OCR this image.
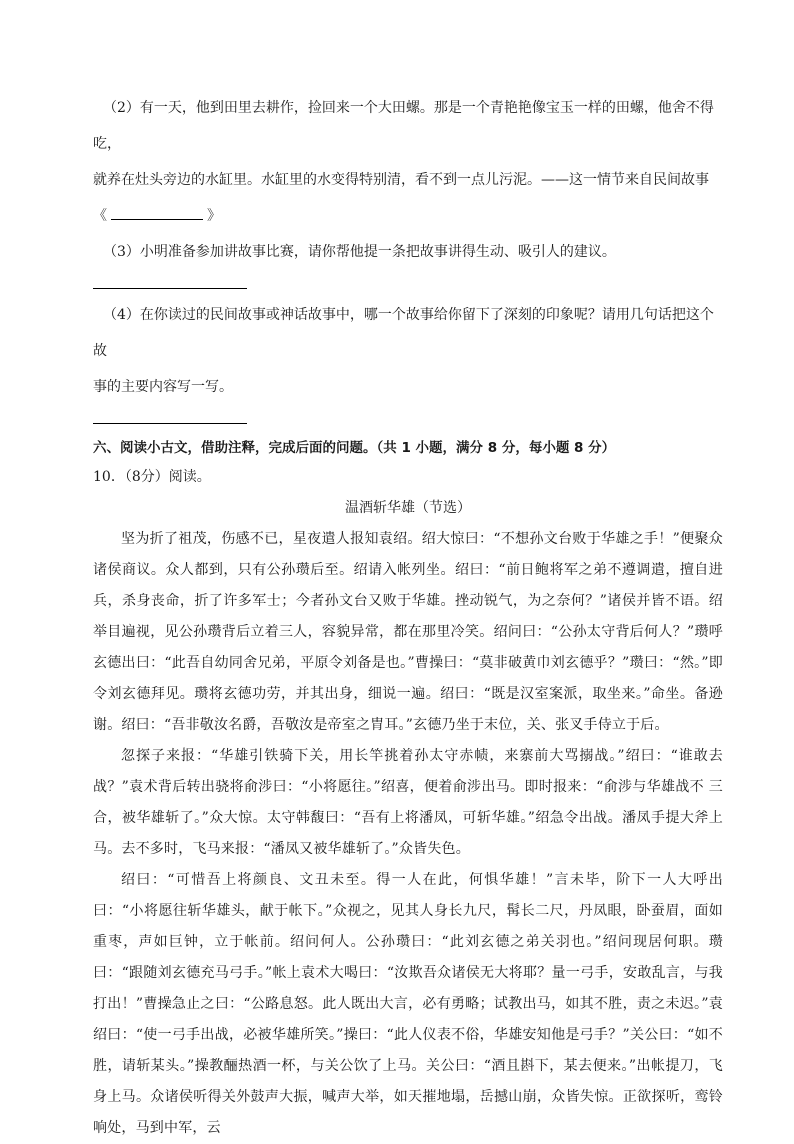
（2）有一天，他到田里去耕作，捡回来一个大田螺。那是一个青艳艳像宝玉一样的田螺，他舍不得吃，

就养在灶头旁边的水缸里。水缸里的水变得特别清，看不到一点儿污泥。——这一情节来自民间故事

《	》

（3）小明准备参加讲故事比赛，请你帮他提一条把故事讲得生动、吸引人的建议。

（4）在你读过的民间故事或神话故事中，哪一个故事给你留下了深刻的印象呢？请用几句话把这个故

事的主要内容写一写。

六、阅读小古文，借助注释，完成后面的问题。（共 1 小题，满分 8 分，每小题 8 分）

10．（8分）阅读。

温酒斩华雄（节选）

坚为折了祖茂，伤感不已，星夜遣人报知袁绍。绍大惊曰：“不想孙文台败于华雄之手！”便聚众诸侯商议。众人都到，只有公孙瓒后至。绍请入帐列坐。绍曰：“前日鲍将军之弟不遵调遣，擅自进兵，杀身丧命，折了许多军士；今者孙文台又败于华雄。挫动锐气，为之奈何？”诸侯并皆不语。绍举目遍视，见公孙瓒背后立着三人，容貌异常，都在那里冷笑。绍问曰：“公孙太守背后何人？”瓒呼玄德出曰：“此吾自幼同舍兄弟，平原令刘备是也。”曹操曰：“莫非破黄巾刘玄德乎？”瓒曰：“然。”即令刘玄德拜见。瓒将玄德功劳，并其出身，细说一遍。绍曰：“既是汉室案派，取坐来。”命坐。备逊谢。绍曰：“吾非敬汝名爵，吾敬汝是帝室之胄耳。”玄德乃坐于末位，关、张叉手侍立于后。

忽探子来报：“华雄引铁骑下关，用长竿挑着孙太守赤帻，来寨前大骂搦战。”绍曰：“谁敢去战？”袁术背后转出骁将俞涉曰：“小将愿往。”绍喜，便着俞涉出马。即时报来：“俞涉与华雄战不 三合，被华雄斩了。”众大惊。太守韩馥曰：“吾有上将潘凤，可斩华雄。”绍急令出战。潘凤手提大斧上马。去不多时，飞马来报：“潘凤又被华雄斩了。”众皆失色。

绍曰：“可惜吾上将颜良、文丑未至。得一人在此，何惧华雄！”言未毕，阶下一人大呼出曰：“小将愿往斩华雄头，献于帐下。”众视之，见其人身长九尺，髯长二尺，丹凤眼，卧蚕眉，面如重枣，声如巨钟，立于帐前。绍问何人。公孙瓒曰：“此刘玄德之弟关羽也。”绍问现居何职。瓒曰：“跟随刘玄德充马弓手。”帐上袁术大喝曰：“汝欺吾众诸侯无大将耶？量一弓手，安敢乱言，与我打出！”曹操急止之曰：“公路息怒。此人既出大言，必有勇略；试教出马，如其不胜，责之未迟。”袁绍曰：“使一弓手出战，必被华雄所笑。”操曰：“此人仪表不俗，华雄安知他是弓手？”关公曰：“如不胜，请斩某头。”操教酾热酒一杯，与关公饮了上马。关公曰：“酒且斟下，某去便来。”出帐提刀，飞身上马。众诸侯听得关外鼓声大振，喊声大举，如天摧地塌，岳撼山崩，众皆失惊。正欲探听，鸾铃响处，马到中军，云
